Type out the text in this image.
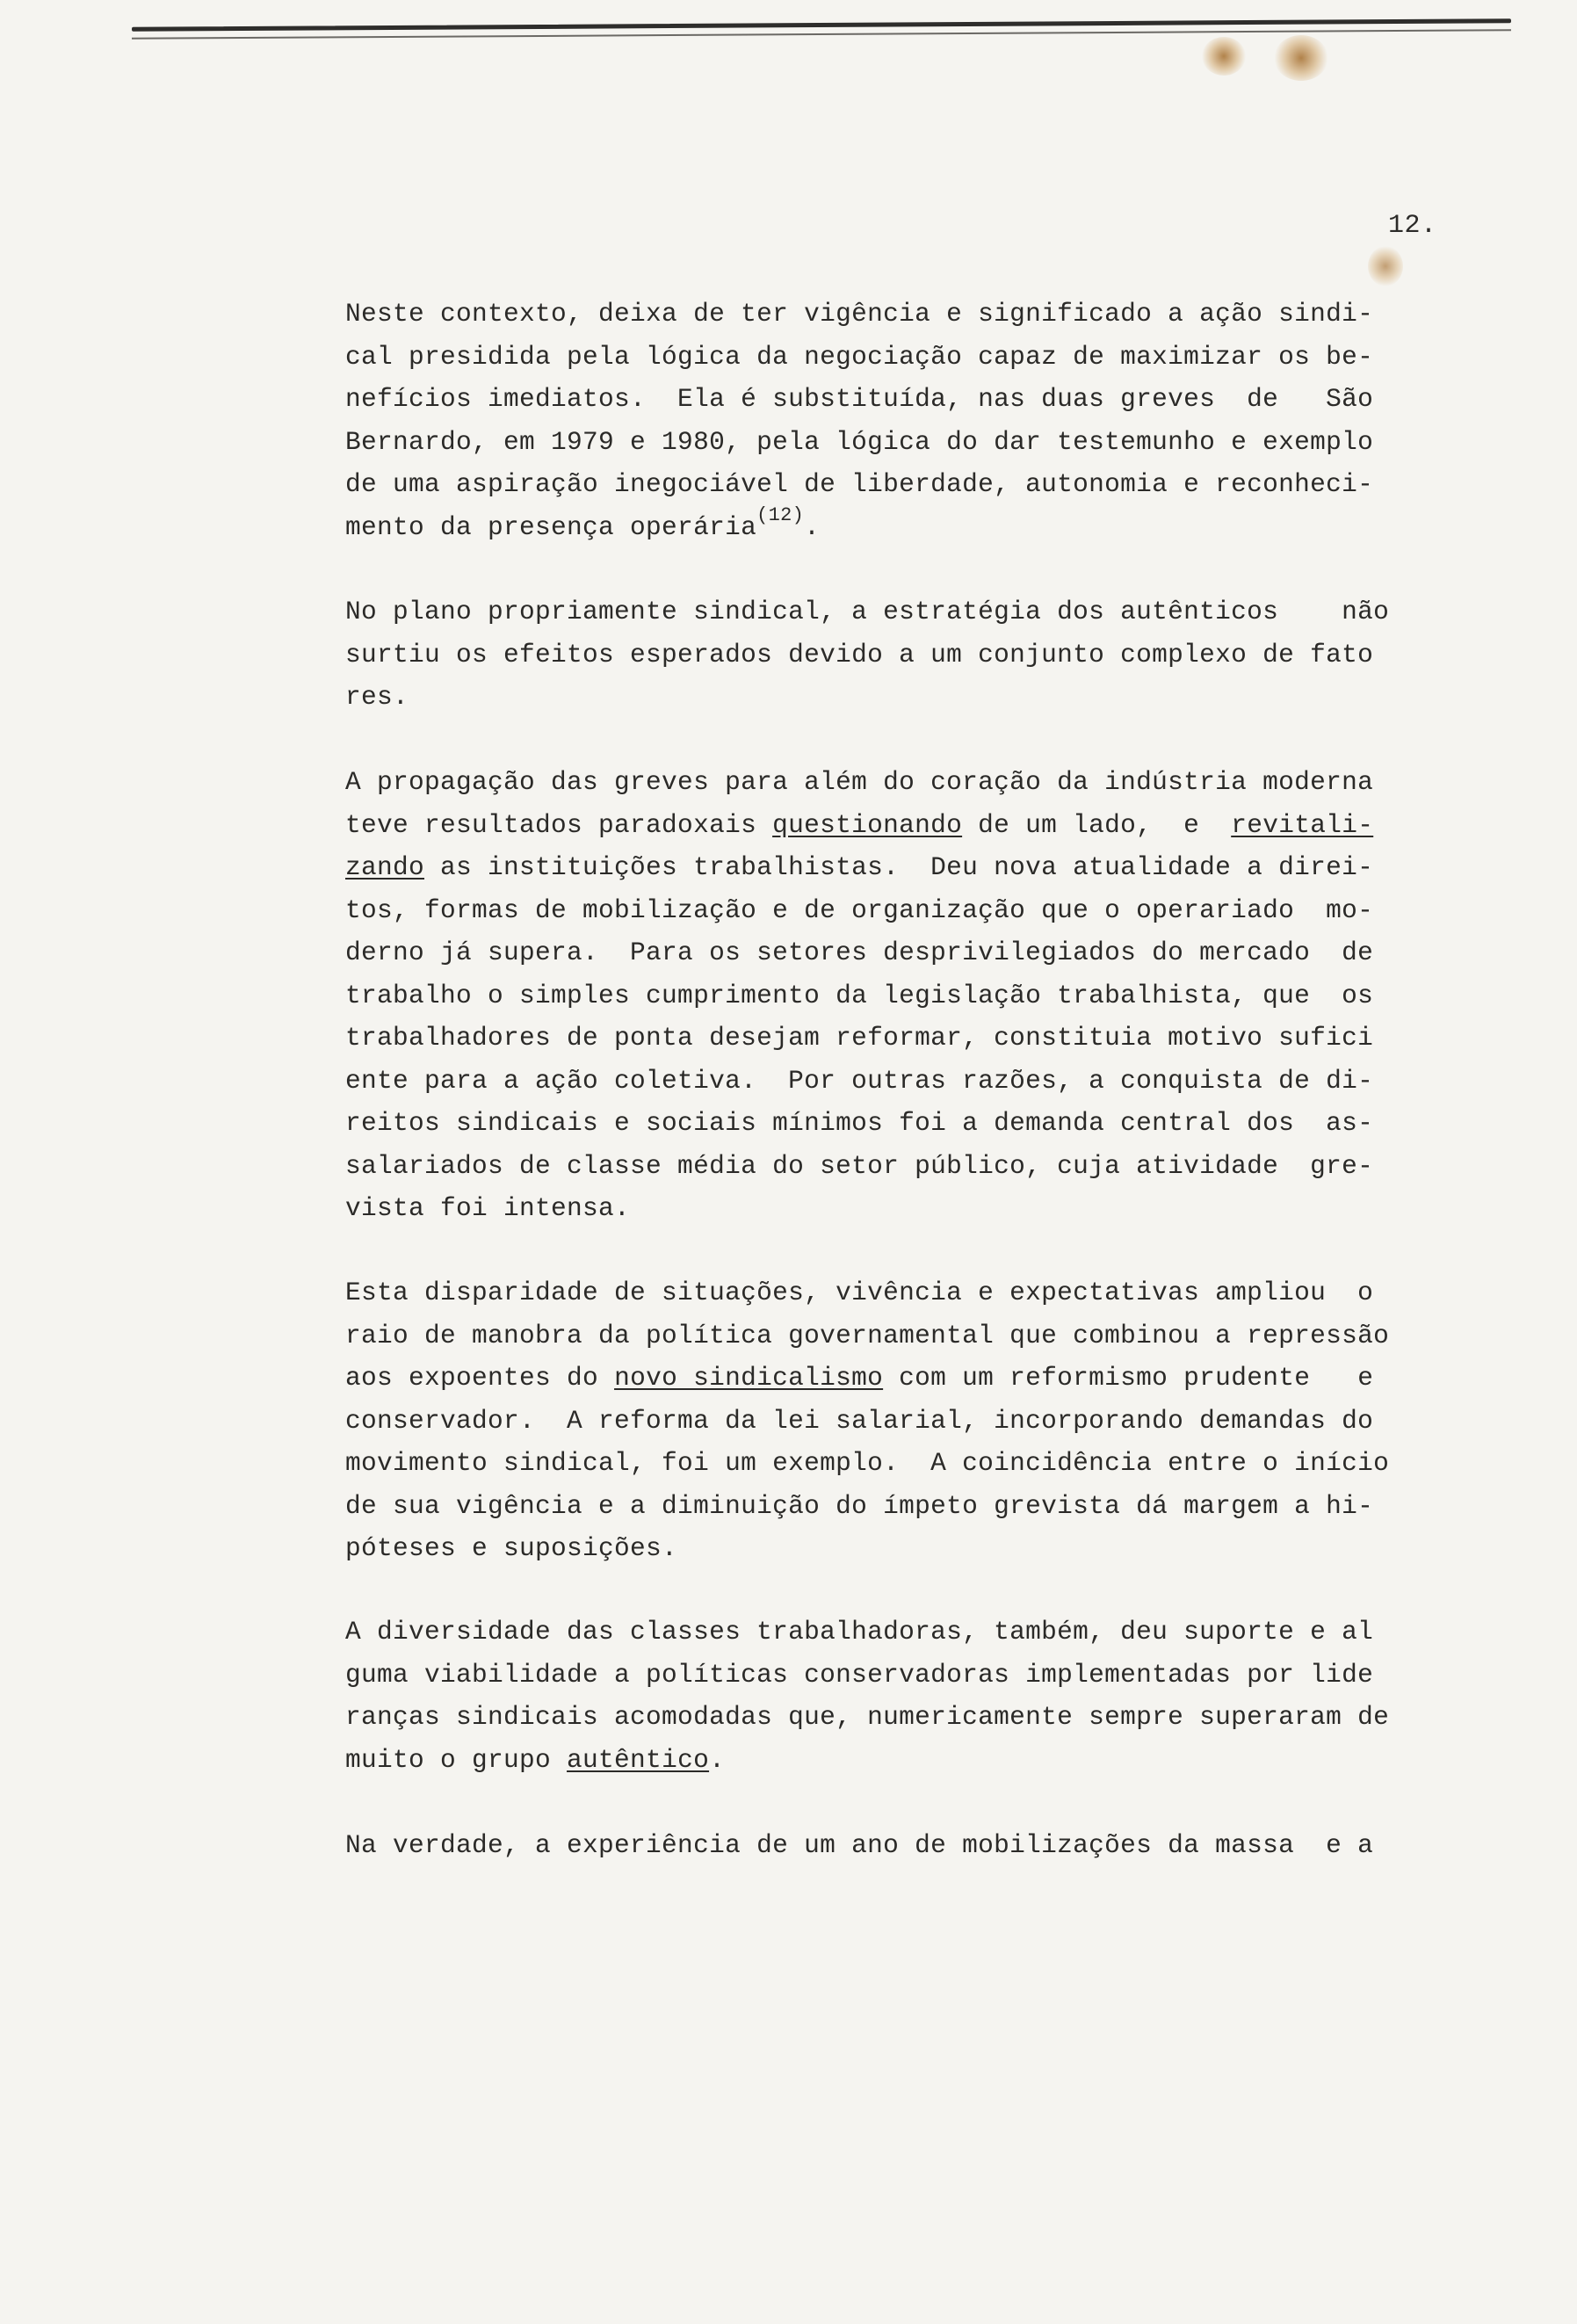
12.
Neste contexto, deixa de ter vigência e significado a ação sindi-
cal presidida pela lógica da negociação capaz de maximizar os be-
nefícios imediatos.  Ela é substituída, nas duas greves  de   São
Bernardo, em 1979 e 1980, pela lógica do dar testemunho e exemplo
de uma aspiração inegociável de liberdade, autonomia e reconheci-
mento da presença operária$^{(12)}$.
No plano propriamente sindical, a estratégia dos autênticos    não
surtiu os efeitos esperados devido a um conjunto complexo de fato
res.
A propagação das greves para além do coração da indústria moderna
teve resultados paradoxais questionando de um lado,  e  revitali-
zando as instituições trabalhistas.  Deu nova atualidade a direi-
tos, formas de mobilização e de organização que o operariado  mo-
derno já supera.  Para os setores desprivilegiados do mercado  de
trabalho o simples cumprimento da legislação trabalhista, que  os
trabalhadores de ponta desejam reformar, constituia motivo sufici
ente para a ação coletiva.  Por outras razões, a conquista de di-
reitos sindicais e sociais mínimos foi a demanda central dos  as-
salariados de classe média do setor público, cuja atividade  gre-
vista foi intensa.
Esta disparidade de situações, vivência e expectativas ampliou  o
raio de manobra da política governamental que combinou a repressão
aos expoentes do novo sindicalismo com um reformismo prudente   e
conservador.  A reforma da lei salarial, incorporando demandas do
movimento sindical, foi um exemplo.  A coincidência entre o início
de sua vigência e a diminuição do ímpeto grevista dá margem a hi-
póteses e suposições.
A diversidade das classes trabalhadoras, também, deu suporte e al
guma viabilidade a políticas conservadoras implementadas por lide
ranças sindicais acomodadas que, numericamente sempre superaram de
muito o grupo autêntico.
Na verdade, a experiência de um ano de mobilizações da massa  e a
